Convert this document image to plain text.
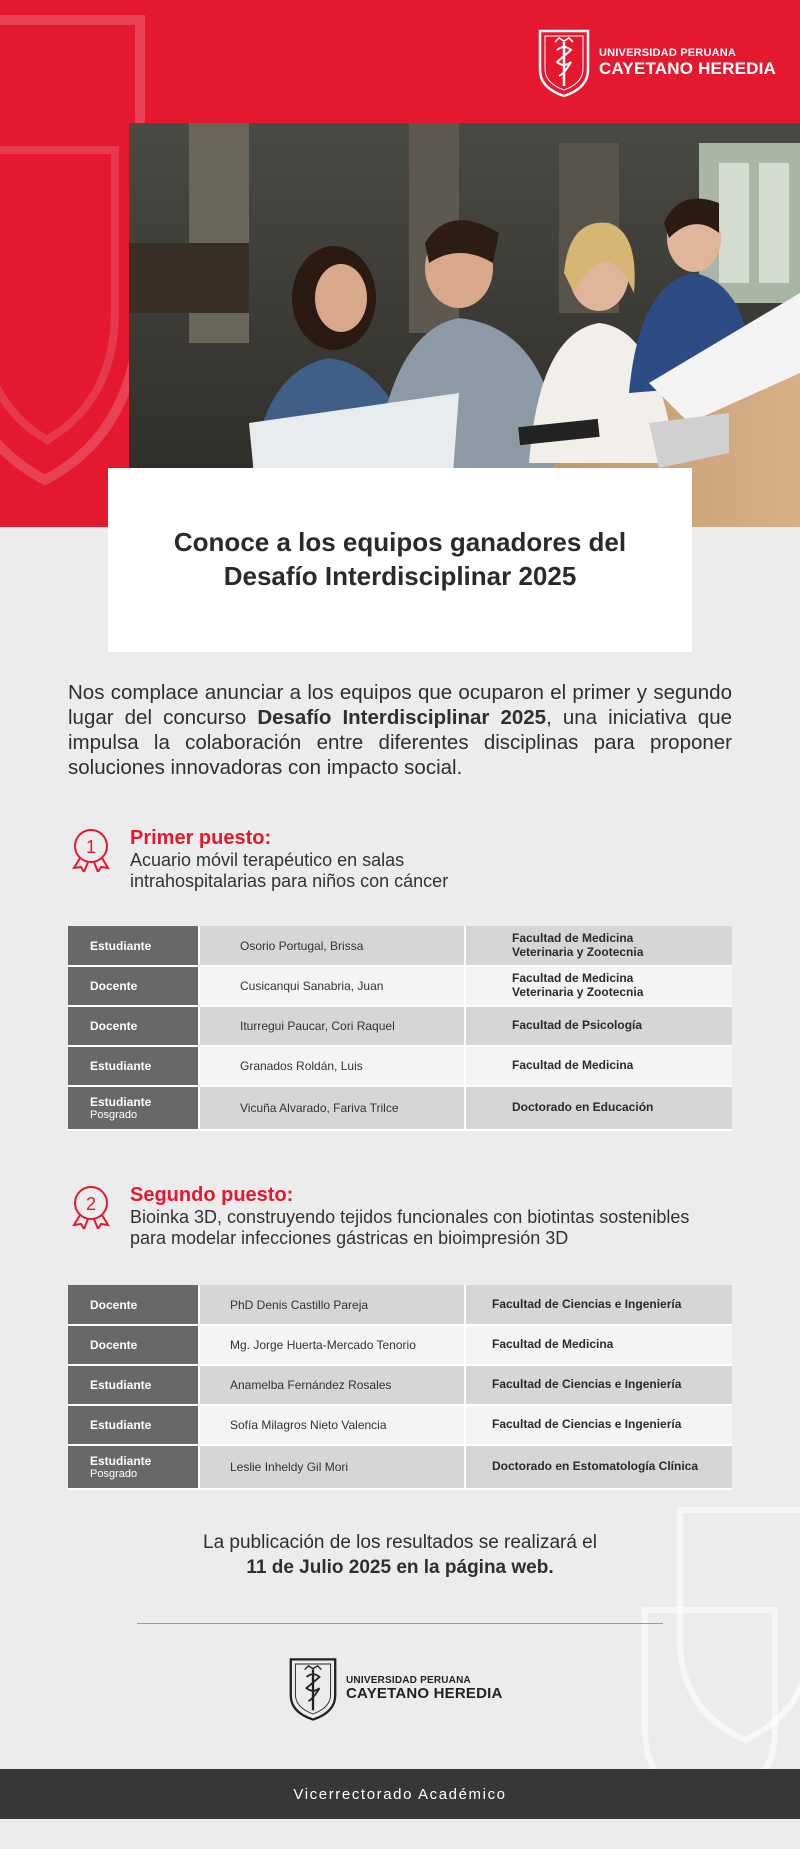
UNIVERSIDAD PERUANA
CAYETANO HEREDIA
Conoce a los equipos ganadores del
Desafío Interdisciplinar 2025

Nos complace anunciar a los equipos que ocuparon el primer y segundo lugar del concurso Desafío Interdisciplinar 2025, una iniciativa que impulsa la colaboración entre diferentes disciplinas para proponer soluciones innovadoras con impacto social.

1 Primer puesto:
Acuario móvil terapéutico en salas
intrahospitalarias para niños con cáncer
Estudiante	Osorio Portugal, Brissa	Facultad de Medicina
Veterinaria y Zootecnia

Docente	Cusicanqui Sanabria, Juan	Facultad de Medicina
Veterinaria y Zootecnia

Docente	Iturregui Paucar, Cori Raquel	Facultad de Psicología

Estudiante	Granados Roldán, Luis	Facultad de Medicina

Estudiante
Posgrado	Vicuña Alvarado, Fariva Trilce	Doctorado en Educación
2 Segundo puesto:
Bioinka 3D, construyendo tejidos funcionales con biotintas sostenibles
para modelar infecciones gástricas en bioimpresión 3D
Docente	PhD Denis Castillo Pareja	Facultad de Ciencias e Ingeniería
Docente	Mg. Jorge Huerta-Mercado Tenorio	Facultad de Medicina
Estudiante	Anamelba Fernández Rosales	Facultad de Ciencias e Ingeniería
Estudiante	Sofía Milagros Nieto Valencia	Facultad de Ciencias e Ingeniería
Estudiante
Posgrado	Leslie Inheldy Gil Mori	Doctorado en Estomatología Clínica
La publicación de los resultados se realizará el
11 de Julio 2025 en la página web.
UNIVERSIDAD PERUANA
CAYETANO HEREDIA
Vicerrectorado Académico
